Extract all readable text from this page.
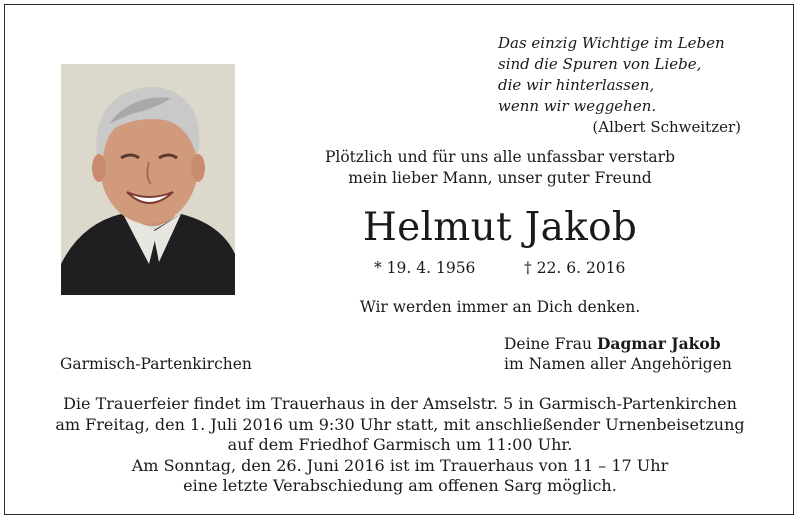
Das einzig Wichtige im Leben
sind die Spuren von Liebe,
die wir hinterlassen,
wenn wir weggehen.
(Albert Schweitzer)
Plötzlich und für uns alle unfassbar verstarb
mein lieber Mann, unser guter Freund
Helmut Jakob
* 19. 4. 1956	† 22. 6. 2016
Wir werden immer an Dich denken.
Deine Frau Dagmar Jakob
im Namen aller Angehörigen
Garmisch-Partenkirchen
Die Trauerfeier findet im Trauerhaus in der Amselstr. 5 in Garmisch-Partenkirchen
am Freitag, den 1. Juli 2016 um 9:30 Uhr statt, mit anschließender Urnenbeisetzung
auf dem Friedhof Garmisch um 11:00 Uhr.
Am Sonntag, den 26. Juni 2016 ist im Trauerhaus von 11 – 17 Uhr
eine letzte Verabschiedung am offenen Sarg möglich.
